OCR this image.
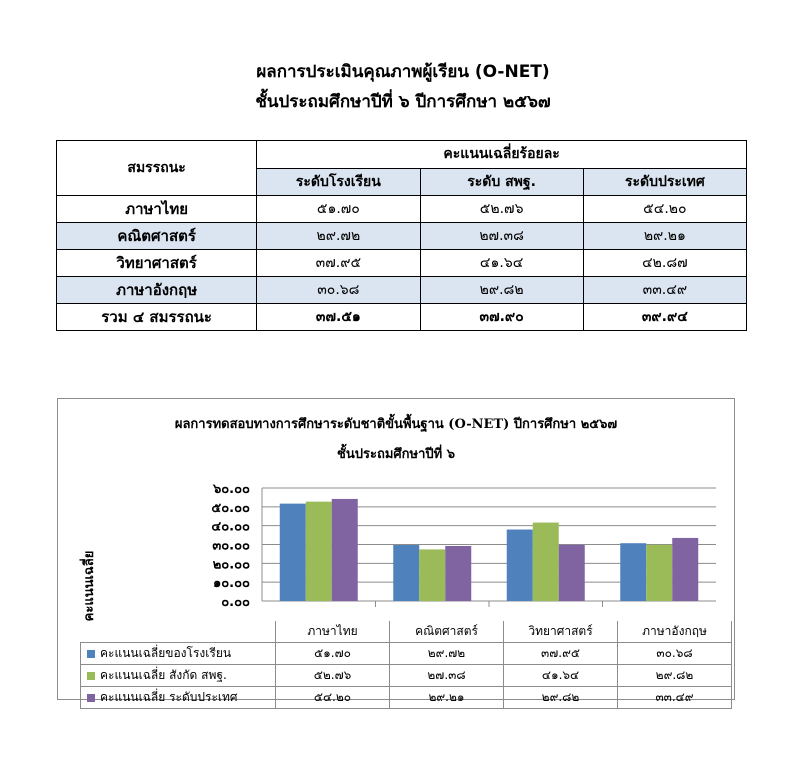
ผลการประเมินคุณภาพผู้เรียน (O-NET)
ชั้นประถมศึกษาปีที่ ๖ ปีการศึกษา ๒๕๖๗
สมรรถนะ	คะแนนเฉลี่ยร้อยละ		
	ระดับโรงเรียน	ระดับ สพฐ.	ระดับประเทศ
ภาษาไทย	๕๑.๗๐	๕๒.๗๖	๕๔.๒๐
คณิตศาสตร์	๒๙.๗๒	๒๗.๓๘	๒๙.๒๑
วิทยาศาสตร์	๓๗.๙๕	๔๑.๖๔	๔๒.๘๗
ภาษาอังกฤษ	๓๐.๖๘	๒๙.๘๒	๓๓.๔๙
รวม ๔ สมรรถนะ	๓๗.๕๑	๓๗.๙๐	๓๙.๙๔
ผลการทดสอบทางการศึกษาระดับชาติขั้นพื้นฐาน (O-NET) ปีการศึกษา ๒๕๖๗
ชั้นประถมศึกษาปีที่ ๖
คะแนนเฉลี่ย	๐.๐๐
๑๐.๐๐
๒๐.๐๐
๓๐.๐๐
๔๐.๐๐
๕๐.๐๐
๖๐.๐๐
	ภาษาไทย	คณิตศาสตร์	วิทยาศาสตร์	ภาษาอังกฤษ
คะแนนเฉลี่ยของโรงเรียน	๕๑.๗๐	๒๙.๗๒	๓๗.๙๕	๓๐.๖๘
คะแนนเฉลี่ย สังกัด สพฐ.	๕๒.๗๖	๒๗.๓๘	๔๑.๖๔	๒๙.๘๒
คะแนนเฉลี่ย ระดับประเทศ	๕๔.๒๐	๒๙.๒๑	๒๙.๘๒	๓๓.๔๙
